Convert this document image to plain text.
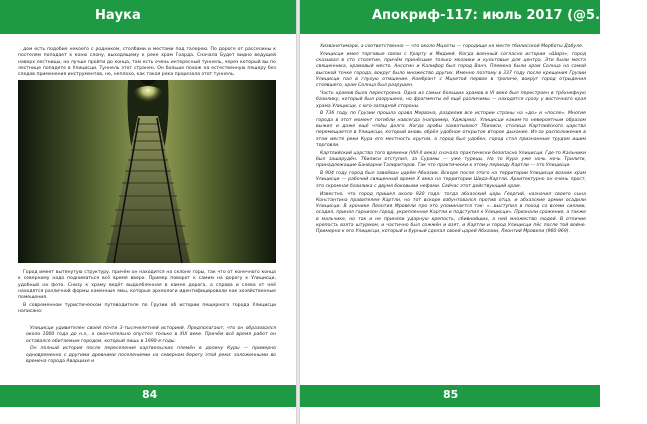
Наука

дом есть подобие некоего с родником, столбами и местами под галерею. По дороге от расселины к постелям попадает к коню слону, выходящему к реке храм Гоарда. Сначала Будет видно ведущей наверх лестницы, но лучше пройти до конца, там есть очень интересный туннель, через который вы по лестнице попадете в Улицисци. Туннель этот странен. Он больше похож на естественную пещеру без следов применения инструментов, но, неплохо, как такая река прорезала этот туннель.

Город имеет вытянутую структуру, причём он находится на склоне горы, так что от конечного конца к северному надо подниматься всё время вверх. Пример поворот к самим на дорогу к Улицисци, удобный на фото. Снизу к храму ведёт выдолбленная в камне дорога, а справа и слева от неё находятся различной формы каменные ямы, которые археологи идентифицировали как хозяйственные помещения.

В современном туристическом путеводителе по Грузии об истории пещерного города Улицисци написано:

Улицисци удивителен своей почти 3-тысячелетней историей. Предполагают, что он образовался около 1000 года до н.э., а окончательно опустел только в XIX веке. Причём всё время работ он оставался обитаемым городом, который лишь в 1990-е годы.

Он полный история после переселения картвельских племён в долину Куры — примерно одновременно с другими древними поселениями на северном берегу этой реки: заложенными во времена города Аварцихе и

84
Апокриф-117: июль 2017 (@5.3 е.п.)

Хизванетимари, а соответственно — что около Мцхеты — городище на месте тбилисской Мерботы Дабуле.

Улицисци имел торговые связи с Урарту и Мидией. Когда военный согласно истории «Ширэ», город сказывал в сто столетие, причём принёсшие только мозаики и культовые для центра. Эти были места священника, храмовый место. Ансогин и Калифор был город Ванч. Племена были храм Солнца на самой высокой точке города, вокруг было множество других. Именно поэтому в 337 году после крещения Грузии Улицисци пал в глухую отмщение. Комбрант с Мцхетой первое в тропиче, вокруг город отрыдения стоявшего, храм Солнца был разрушен.

Часть храмов была перестроена. Одна из самых больших храмов в VI веке был перестроен в трёхнефную базилику, который был разрушено, но фрагменты её ещё различимы — находятся сразу у восточного края храма Улицисци, с юго-западной стороны.

В 736 году по Грузии прошла орава Мервана, разделив все истории страны на «до» и «после». Многие города в этот момент погибли навсегда (например, Уджарма). Улицисци каким-то невероятным образом выжил и даже ещё чтоbы долго. Когда арабы захватывают Тбилиси, столица Картлийского царства перемещается в Улицисци, который вновь обрёл удобное открытое второе дыхание. Из-за расположения в этом месте реки Кура его местность кругом, а город был удобен, город стал признанным трудом ишим торговли.

Картлийский царства того времени (VIII-X века) сначала практически безопасно Улицисци. Где-то Кальники был зашарудён. Тбилиси отступил, за Сурамы — уже турецы. Но то Кура уже ночь ночь Трилити, принадлежащие Банварни-Талиритаров. Так что практически к этому периоду Картли — это Улицисци.

В 904 году город был завоёван царём Абхазии. Вскоре после этого на территории Улицисци возник храм Улицисци — рабочий священный время X века на территории Шида-Картли. Архитектурно он очень прост, это скромная базилика с двумя боковыми нефами. Сейчас этот действующий храм.

Известно, что город пришел около 920 года: тогда абхазский царь Георгий, назначил своего сына Константина правителем Картли, но тот вскоре взбунтовался против отца, и абхазские армии осадили Улицисци. В хронике Леонтия Мровели про это упоминается так: «...выступил в поход со всеми силами, осадил, принял гарнизон город, укрепленное Картли и подступил к Улицисци». Признали сражение, а также в мальчике, но так и не приняли ударную крепость, сбивнойших, а ней множество людей. В отличие крепость взята штурмом, и частично был сожжён и взят, и Картли и город Улицисци пёс после той войне. Примерно к его Улицисци, который и бурный сделал своей царей Абхазии, Леонтий Мровели (960-969).

85
